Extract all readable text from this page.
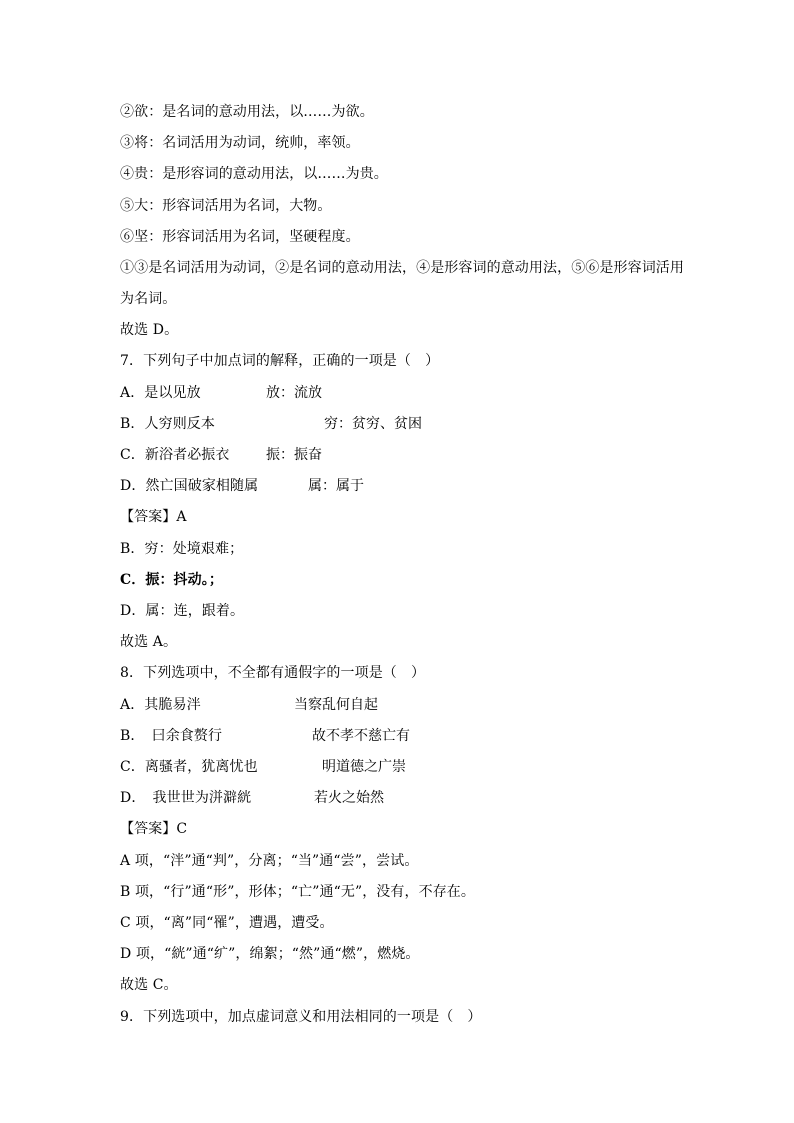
②欲：是名词的意动用法，以……为欲。
③将：名词活用为动词，统帅，率领。
④贵：是形容词的意动用法，以……为贵。
⑤大：形容词活用为名词，大物。
⑥坚：形容词活用为名词，坚硬程度。
①③是名词活用为动词，②是名词的意动用法，④是形容词的意动用法，⑤⑥是形容词活用
为名词。
故选 D。
7．下列句子中加点词的解释，正确的一项是（　）
A．是以见放	放：流放
B．人穷则反本	穷：贫穷、贫困
C．新浴者必振衣	振：振奋
D．然亡国破家相随属	属：属于
【答案】A
B．穷：处境艰难；
C．振：抖动。；
D．属：连，跟着。
故选 A。
8．下列选项中，不全都有通假字的一项是（　）
A．其脆易泮	当察乱何自起
B．　曰余食赘行	故不孝不慈亡有
C．离骚者，犹离忧也	明道德之广崇
D．　我世世为洴澼絖	若火之始然
【答案】C
A 项，“泮”通“判”，分离；“当”通“尝”，尝试。
B 项，“行”通“形”，形体；“亡”通“无”，没有，不存在。
C 项，“离”同“罹”，遭遇，遭受。
D 项，“絖”通“纩”，绵絮；“然”通“燃”，燃烧。
故选 C。
9．下列选项中，加点虚词意义和用法相同的一项是（　）
